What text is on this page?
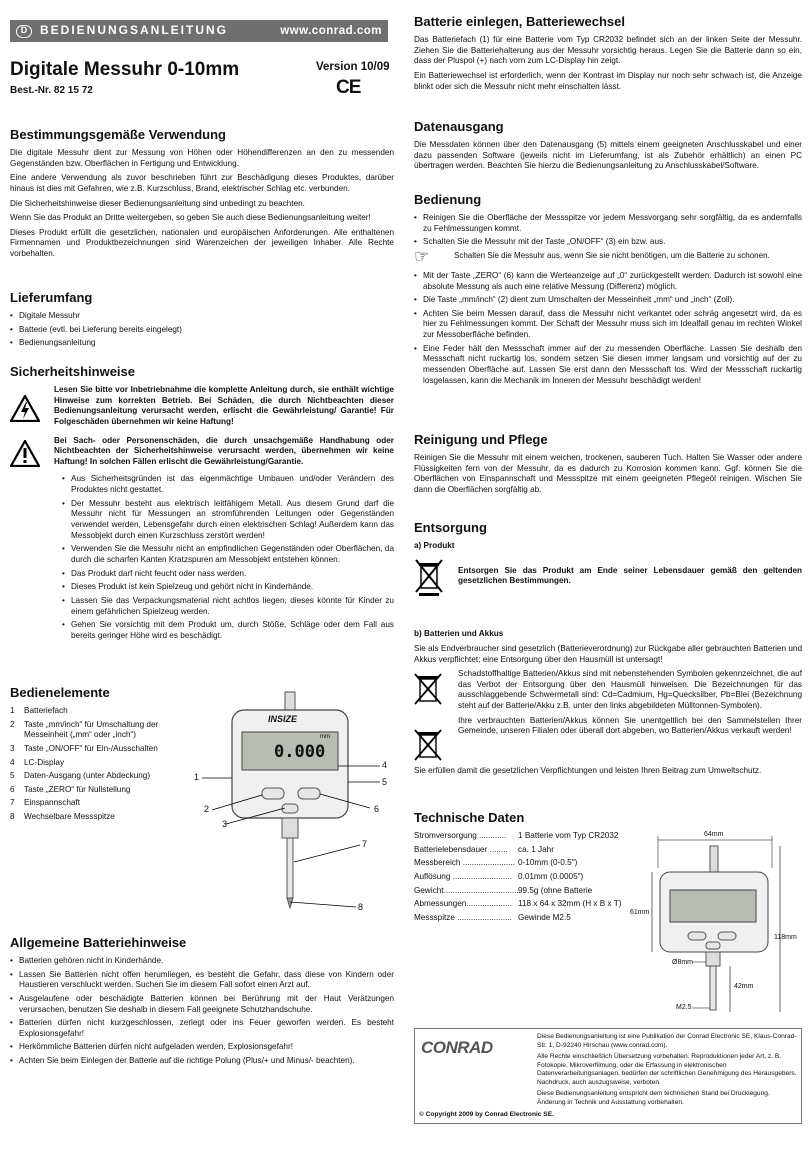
D	BEDIENUNGSANLEITUNG	www.conrad.com
Digitale Messuhr 0-10mm
Best.-Nr. 82 15 72
Version 10/09
CE
Bestimmungsgemäße Verwendung

Die digitale Messuhr dient zur Messung von Höhen oder Höhendifferenzen an den zu messenden Gegenständen bzw. Oberflächen in Fertigung und Entwicklung.

Eine andere Verwendung als zuvor beschrieben führt zur Beschädigung dieses Produktes, darüber hinaus ist dies mit Gefahren, wie z.B. Kurzschluss, Brand, elektrischer Schlag etc. verbunden.

Die Sicherheitshinweise dieser Bedienungsanleitung sind unbedingt zu beachten.

Wenn Sie das Produkt an Dritte weitergeben, so geben Sie auch diese Bedienungsanleitung weiter!

Dieses Produkt erfüllt die gesetzlichen, nationalen und europäischen Anforderungen. Alle enthaltenen Firmennamen und Produktbezeichnungen sind Warenzeichen der jeweiligen Inhaber. Alle Rechte vorbehalten.

Lieferumfang
• Digitale Messuhr
• Batterie (evtl. bei Lieferung bereits eingelegt)
• Bedienungsanleitung
Sicherheitshinweise

Lesen Sie bitte vor Inbetriebnahme die komplette Anleitung durch, sie enthält wichtige Hinweise zum korrekten Betrieb. Bei Schäden, die durch Nichtbeachten dieser Bedienungsanleitung verursacht werden, erlischt die Gewährleistung/ Garantie! Für Folgeschäden übernehmen wir keine Haftung!

Bei Sach- oder Personenschäden, die durch unsachgemäße Handhabung oder Nichtbeachten der Sicherheitshinweise verursacht werden, übernehmen wir keine Haftung! In solchen Fällen erlischt die Gewährleistung/Garantie.

• Aus Sicherheitsgründen ist das eigenmächtige Umbauen und/oder Verändern des Produktes nicht gestattet.
• Der Messuhr besteht aus elektrisch leitfähigem Metall. Aus diesem Grund darf die Messuhr nicht für Messungen an stromführenden Leitungen oder Gegenständen verwendet werden, Lebensgefahr durch einen elektrischen Schlag! Außerdem kann das Messobjekt durch einen Kurzschluss zerstört werden!
• Verwenden Sie die Messuhr nicht an empfindlichen Gegenständen oder Oberflächen, da durch die scharfen Kanten Kratzspuren am Messobjekt entstehen können.
• Das Produkt darf nicht feucht oder nass werden.
• Dieses Produkt ist kein Spielzeug und gehört nicht in Kinderhände.
• Lassen Sie das Verpackungsmaterial nicht achtlos liegen, dieses könnte für Kinder zu einem gefährlichen Spielzeug werden.
• Gehen Sie vorsichtig mit dem Produkt um, durch Stöße, Schläge oder dem Fall aus bereits geringer Höhe wird es beschädigt.
Bedienelemente
1	Batteriefach
2	Taste „mm/inch“ für Umschaltung der Messeinheit („mm“ oder „inch“)
3	Taste „ON/OFF“ für Ein-/Ausschalten
4	LC-Display
5	Daten-Ausgang (unter Abdeckung)
6	Taste „ZERO“ für Nullstellung
7	Einspannschaft
8	Wechselbare Messspitze
INSIZE
0.000
mm
1
2
3
4
5
6
7
8
Allgemeine Batteriehinweise
• Batterien gehören nicht in Kinderhände.
• Lassen Sie Batterien nicht offen herumliegen, es besteht die Gefahr, dass diese von Kindern oder Haustieren verschluckt werden. Suchen Sie im diesem Fall sofort einen Arzt auf.
• Ausgelaufene oder beschädigte Batterien können bei Berührung mit der Haut Verätzungen verursachen, benutzen Sie deshalb in diesem Fall geeignete Schutzhandschuhe.
• Batterien dürfen nicht kurzgeschlossen, zerlegt oder ins Feuer geworfen werden. Es besteht Explosionsgefahr!
• Herkömmliche Batterien dürfen nicht aufgeladen werden, Explosionsgefahr!
• Achten Sie beim Einlegen der Batterie auf die richtige Polung (Plus/+ und Minus/- beachten).
Batterie einlegen, Batteriewechsel

Das Batteriefach (1) für eine Batterie vom Typ CR2032 befindet sich an der linken Seite der Messuhr. Ziehen Sie die Batteriehalterung aus der Messuhr vorsichtig heraus. Legen Sie die Batterie dann so ein, dass der Pluspol (+) nach vorn zum LC-Display hin zeigt.

Ein Batteriewechsel ist erforderlich, wenn der Kontrast im Display nur noch sehr schwach ist, die Anzeige blinkt oder sich die Messuhr nicht mehr einschalten lässt.

Datenausgang

Die Messdaten können über den Datenausgang (5) mittels einem geeigneten Anschlusskabel und einer dazu passenden Software (jeweils nicht im Lieferumfang, ist als Zubehör erhältlich) an einen PC übertragen werden. Beachten Sie hierzu die Bedienungsanleitung zu Anschlusskabel/Software.

Bedienung
• Reinigen Sie die Oberfläche der Messspitze vor jedem Messvorgang sehr sorgfältig, da es andernfalls zu Fehlmessungen kommt.
• Schalten Sie die Messuhr mit der Taste „ON/OFF“ (3) ein bzw. aus.
☞	Schalten Sie die Messuhr aus, wenn Sie sie nicht benötigen, um die Batterie zu schonen.
• Mit der Taste „ZERO“ (6) kann die Werteanzeige auf „0“ zurückgestellt werden. Dadurch ist sowohl eine absolute Messung als auch eine relative Messung (Differenz) möglich.
• Die Taste „mm/inch“ (2) dient zum Umschalten der Messeinheit „mm“ und „inch“ (Zoll).
• Achten Sie beim Messen darauf, dass die Messuhr nicht verkantet oder schräg angesetzt wird, da es hier zu Fehlmessungen kommt. Der Schaft der Messuhr muss sich im Idealfall genau im rechten Winkel zur Messoberfläche befinden.
• Eine Feder hält den Messschaft immer auf der zu messenden Oberfläche. Lassen Sie deshalb den Messschaft nicht ruckartig los, sondern setzen Sie diesen immer langsam und vorsichtig auf der zu messenden Oberfläche auf. Lassen Sie erst dann den Messschaft los. Wird der Messschaft ruckartig losgelassen, kann die Mechanik im Inneren der Messuhr beschädigt werden!
Reinigung und Pflege

Reinigen Sie die Messuhr mit einem weichen, trockenen, sauberen Tuch. Halten Sie Wasser oder andere Flüssigkeiten fern von der Messuhr, da es dadurch zu Korrosion kommen kann. Ggf. können Sie die Oberflächen von Einspannschaft und Messspitze mit einem geeigneten Pflegeöl reinigen. Wischen Sie dann die Oberflächen sorgfältig ab.

Entsorgung

a) Produkt

Entsorgen Sie das Produkt am Ende seiner Lebensdauer gemäß den geltenden gesetzlichen Bestimmungen.

b) Batterien und Akkus

Sie als Endverbraucher sind gesetzlich (Batterieverordnung) zur Rückgabe aller gebrauchten Batterien und Akkus verpflichtet; eine Entsorgung über den Hausmüll ist untersagt!

Schadstoffhaltige Batterien/Akkus sind mit nebenstehenden Symbolen gekennzeichnet, die auf das Verbot der Entsorgung über den Hausmüll hinweisen. Die Bezeichnungen für das ausschlaggebende Schwermetall sind: Cd=Cadmium, Hg=Quecksilber, Pb=Blei (Bezeichnung steht auf der Batterie/Akku z.B. unter den links abgebildeten Mülltonnen-Symbolen).

Ihre verbrauchten Batterien/Akkus können Sie unentgeltlich bei den Sammelstellen Ihrer Gemeinde, unseren Filialen oder überall dort abgeben, wo Batterien/Akkus verkauft werden!

Sie erfüllen damit die gesetzlichen Verpflichtungen und leisten Ihren Beitrag zum Umweltschutz.

Technische Daten
Stromversorgung ............	1 Batterie vom Typ CR2032
Batterielebensdauer ........	ca. 1 Jahr
Messbereich ....................... 0-10mm (0-0.5")
Auflösung .......................... 0.01mm (0.0005")
Gewicht................................. 99.5g (ohne Batterie
Abmessungen.................... 118 x 64 x 32mm (H x B x T)
Messspitze ........................ Gewinde M2.5
64mm
61mm
118mm
Ø8mm
42mm
M2.5
CONRAD
Diese Bedienungsanleitung ist eine Publikation der Conrad Electronic SE, Klaus-Conrad-Str. 1, D-92240 Hirschau (www.conrad.com).
Alle Rechte einschließlich Übersetzung vorbehalten. Reproduktionen jeder Art, z. B. Fotokopie, Mikroverfilmung, oder die Erfassung in elektronischen Datenverarbeitungsanlagen, bedürfen der schriftlichen Genehmigung des Herausgebers. Nachdruck, auch auszugsweise, verboten.
Diese Bedienungsanleitung entspricht dem technischen Stand bei Drucklegung. Änderung in Technik und Ausstattung vorbehalten.
© Copyright 2009 by Conrad Electronic SE.
